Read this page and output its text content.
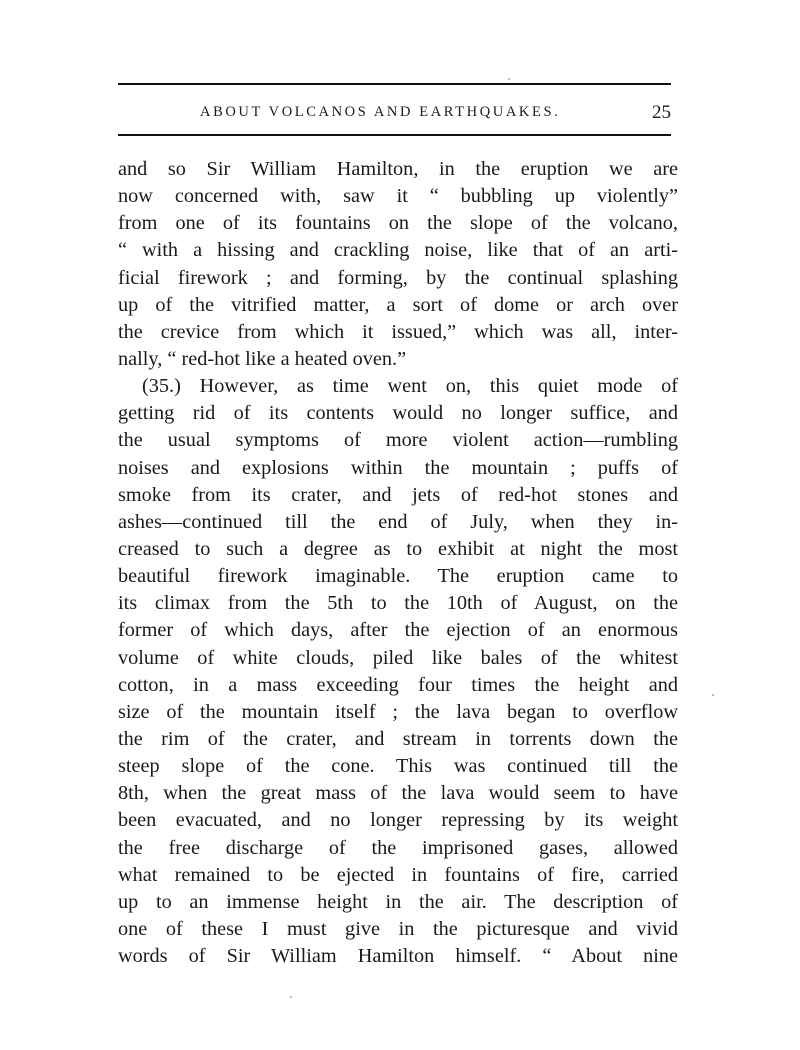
ABOUT VOLCANOS AND EARTHQUAKES.	25
and so Sir William Hamilton, in the eruption we are
now concerned with, saw it “ bubbling up violently”
from one of its fountains on the slope of the volcano,
“ with a hissing and crackling noise, like that of an arti-
ficial firework ; and forming, by the continual splashing
up of the vitrified matter, a sort of dome or arch over
the crevice from which it issued,” which was all, inter-
nally, “ red-hot like a heated oven.”
(35.) However, as time went on, this quiet mode of
getting rid of its contents would no longer suffice, and
the usual symptoms of more violent action—rumbling
noises and explosions within the mountain ; puffs of
smoke from its crater, and jets of red-hot stones and
ashes—continued till the end of July, when they in-
creased to such a degree as to exhibit at night the most
beautiful firework imaginable. The eruption came to
its climax from the 5th to the 10th of August, on the
former of which days, after the ejection of an enormous
volume of white clouds, piled like bales of the whitest
cotton, in a mass exceeding four times the height and
size of the mountain itself ; the lava began to overflow
the rim of the crater, and stream in torrents down the
steep slope of the cone. This was continued till the
8th, when the great mass of the lava would seem to have
been evacuated, and no longer repressing by its weight
the free discharge of the imprisoned gases, allowed
what remained to be ejected in fountains of fire, carried
up to an immense height in the air. The description of
one of these I must give in the picturesque and vivid
words of Sir William Hamilton himself. “ About nine
